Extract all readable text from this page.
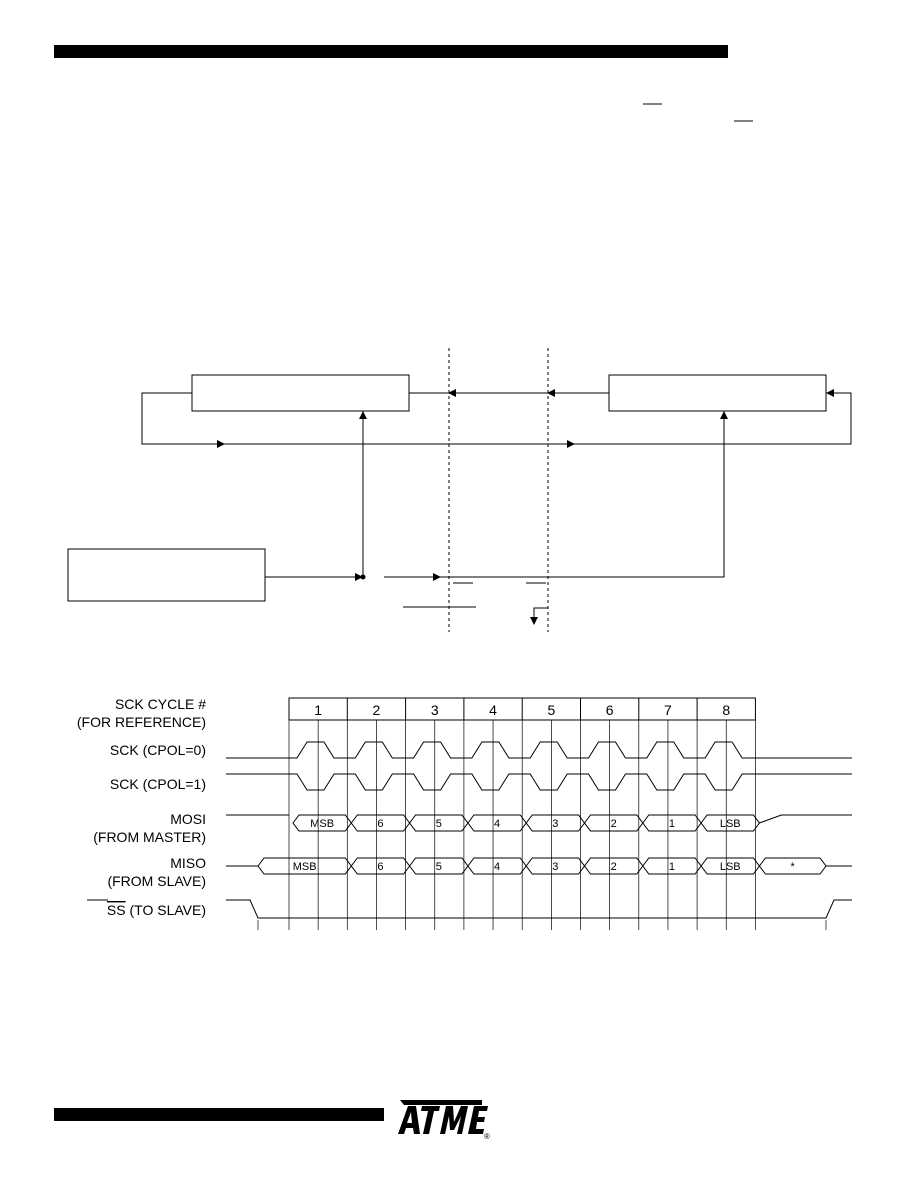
SCK CYCLE #
(FOR REFERENCE)
SCK (CPOL=0)
SCK (CPOL=1)
MOSI
(FROM MASTER)
MISO
(FROM SLAVE)
SS (TO SLAVE)
1	2	3	4	5	6	7	8
MSB	6	5	4	3	2	1	LSB
MSB	6	5	4	3	2	1	LSB	*
®
